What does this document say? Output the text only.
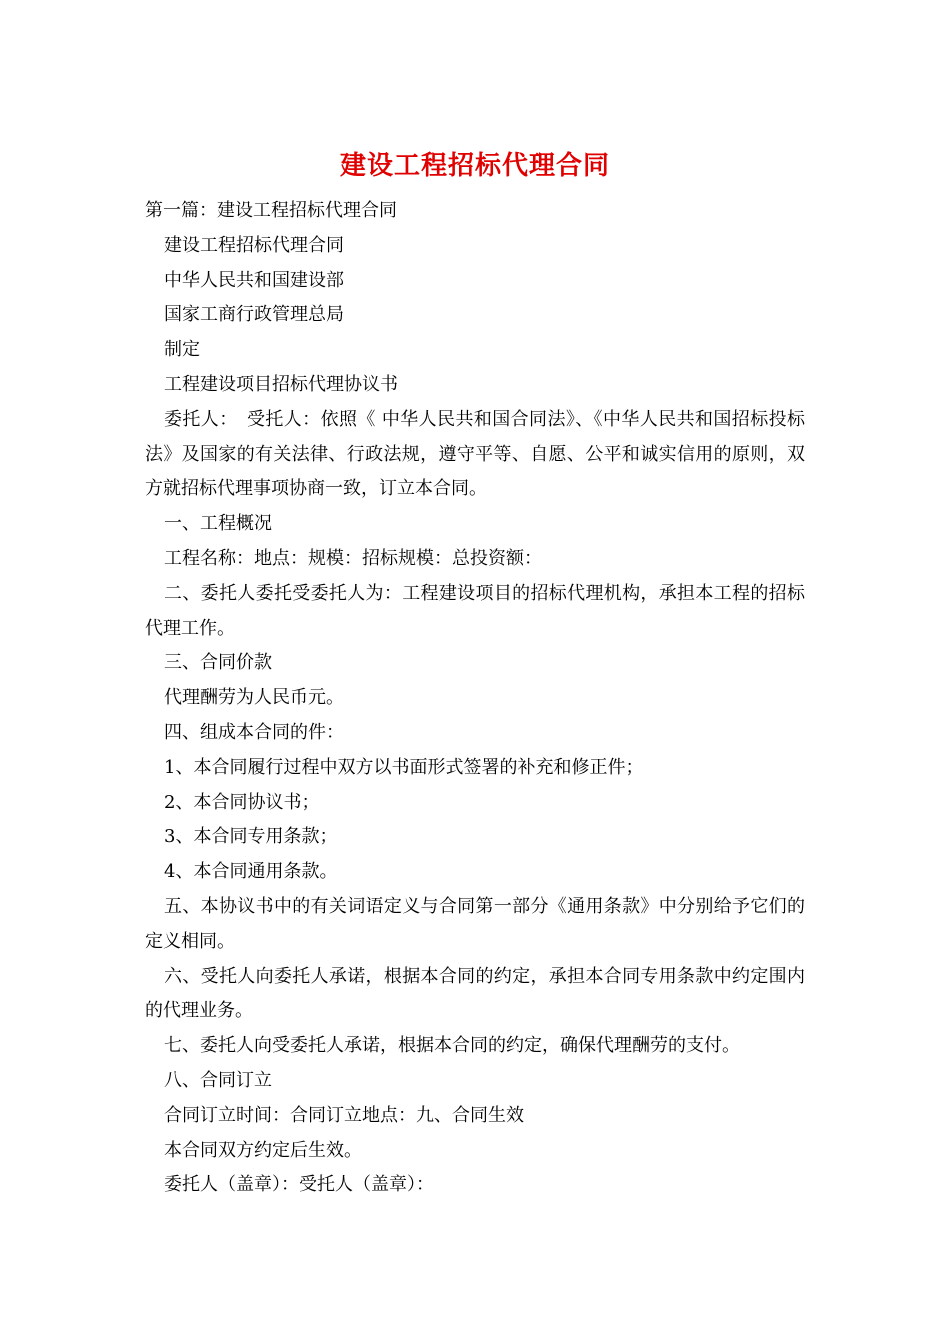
建设工程招标代理合同

第一篇：建设工程招标代理合同

建设工程招标代理合同

中华人民共和国建设部

国家工商行政管理总局

制定

工程建设项目招标代理协议书

委托人：　受托人：依照《 中华人民共和国合同法》、《中华人民共和国招标投标法》及国家的有关法律、行政法规，遵守平等、自愿、公平和诚实信用的原则，双方就招标代理事项协商一致，订立本合同。

一、工程概况

工程名称：地点：规模：招标规模：总投资额：

二、委托人委托受委托人为：工程建设项目的招标代理机构，承担本工程的招标代理工作。

三、合同价款

代理酬劳为人民币元。

四、组成本合同的件：

1、本合同履行过程中双方以书面形式签署的补充和修正件；

2、本合同协议书；

3、本合同专用条款；

4、本合同通用条款。

五、本协议书中的有关词语定义与合同第一部分《通用条款》中分别给予它们的定义相同。

六、受托人向委托人承诺，根据本合同的约定，承担本合同专用条款中约定围内的代理业务。

七、委托人向受委托人承诺，根据本合同的约定，确保代理酬劳的支付。

八、合同订立

合同订立时间：合同订立地点：九、合同生效

本合同双方约定后生效。

委托人（盖章）：受托人（盖章）：
